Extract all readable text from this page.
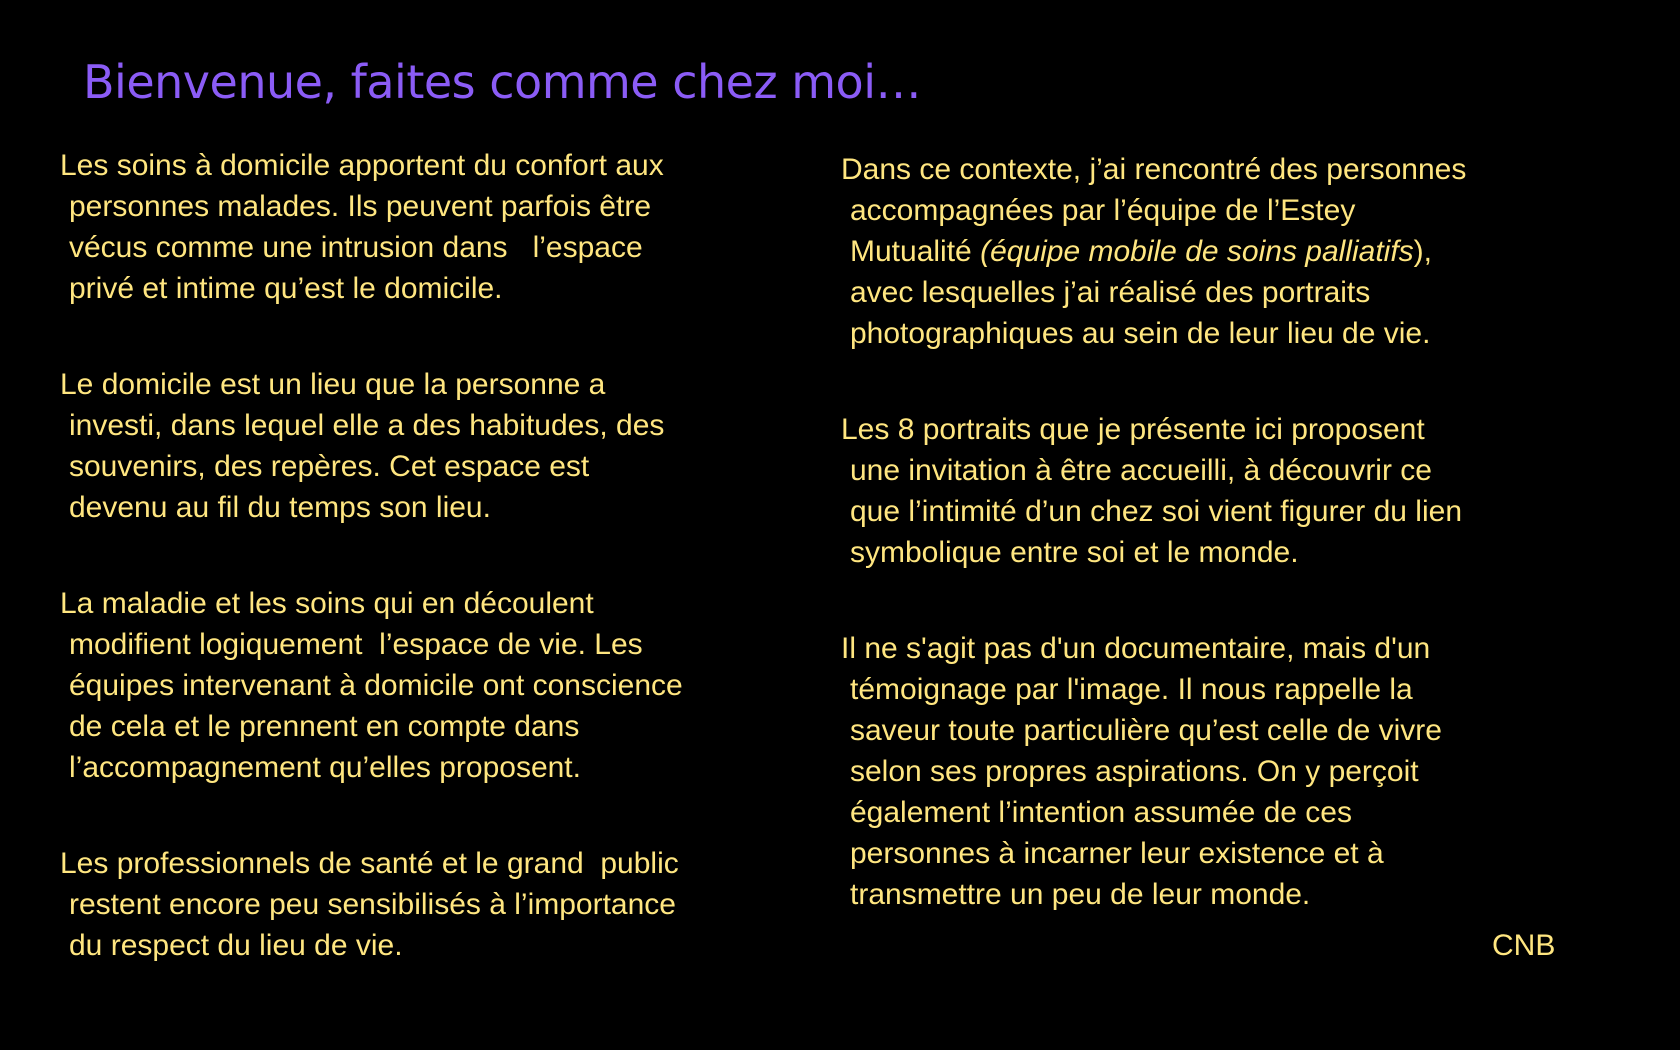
Bienvenue, faites comme chez moi…

Les soins à domicile apportent du confort aux
personnes malades. Ils peuvent parfois être
vécus comme une intrusion dans   l’espace
privé et intime qu’est le domicile.

Le domicile est un lieu que la personne a
investi, dans lequel elle a des habitudes, des
souvenirs, des repères. Cet espace est
devenu au fil du temps son lieu.

La maladie et les soins qui en découlent
modifient logiquement  l’espace de vie. Les
équipes intervenant à domicile ont conscience
de cela et le prennent en compte dans
l’accompagnement qu’elles proposent.

Les professionnels de santé et le grand  public
restent encore peu sensibilisés à l’importance
du respect du lieu de vie.

Dans ce contexte, j’ai rencontré des personnes
accompagnées par l’équipe de l’Estey
Mutualité (équipe mobile de soins palliatifs),
avec lesquelles j’ai réalisé des portraits
photographiques au sein de leur lieu de vie.

Les 8 portraits que je présente ici proposent
une invitation à être accueilli, à découvrir ce
que l’intimité d’un chez soi vient figurer du lien
symbolique entre soi et le monde.

Il ne s'agit pas d'un documentaire, mais d'un
témoignage par l'image. Il nous rappelle la
saveur toute particulière qu’est celle de vivre
selon ses propres aspirations. On y perçoit
également l’intention assumée de ces
personnes à incarner leur existence et à
transmettre un peu de leur monde.

CNB
